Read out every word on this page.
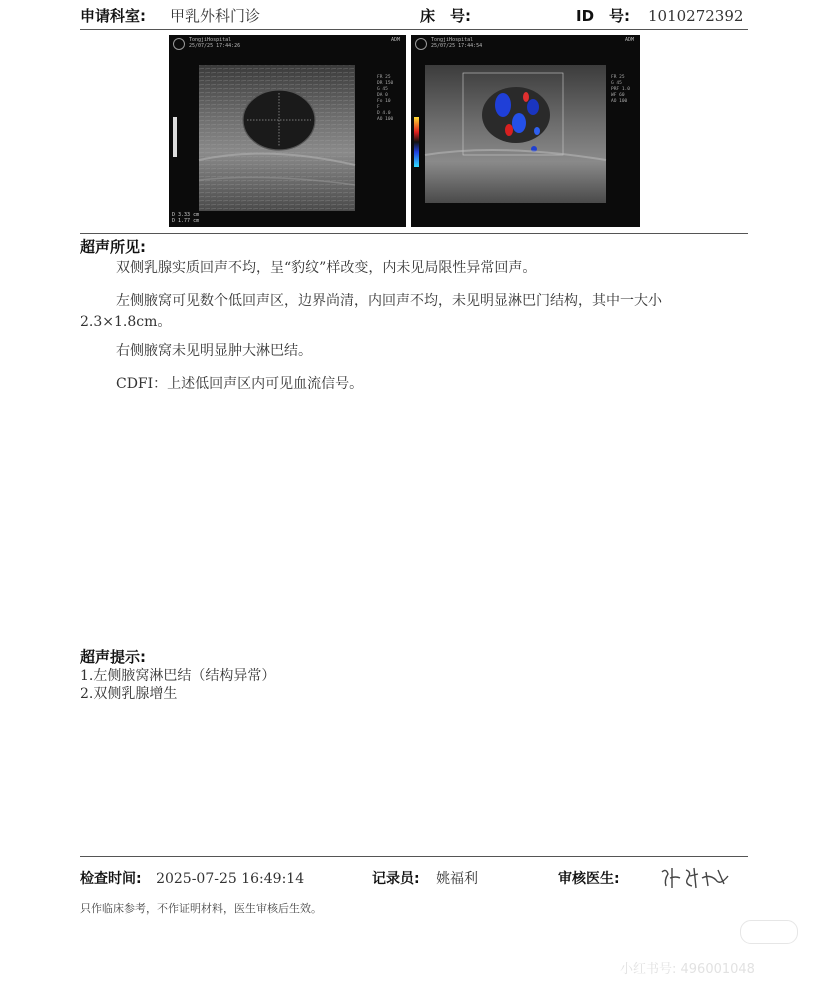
申请科室: 甲乳外科门诊	床　号:	ID　号: 1010272392
TongjiHospital
25/07/25 17:44:26
ADM
FR 25
DR 150
G 45
DA 0
Fo 10
F
D 4.0
AO 100
D 3.33 cm
D 1.77 cm
TongjiHospital
25/07/25 17:44:54
ADM
FR 25
G 45
PRF 1.0
WF 60
AO 100
超声所见:
双侧乳腺实质回声不均，呈“豹纹”样改变，内未见局限性异常回声。
左侧腋窝可见数个低回声区，边界尚清，内回声不均，未见明显淋巴门结构，其中一大小2.3×1.8cm。
右侧腋窝未见明显肿大淋巴结。
CDFI：上述低回声区内可见血流信号。
超声提示:
1.左侧腋窝淋巴结（结构异常）
2.双侧乳腺增生
检查时间: 2025-07-25 16:49:14	记录员: 姚福利	审核医生:
只作临床参考，不作证明材料，医生审核后生效。
小红书号: 496001048
